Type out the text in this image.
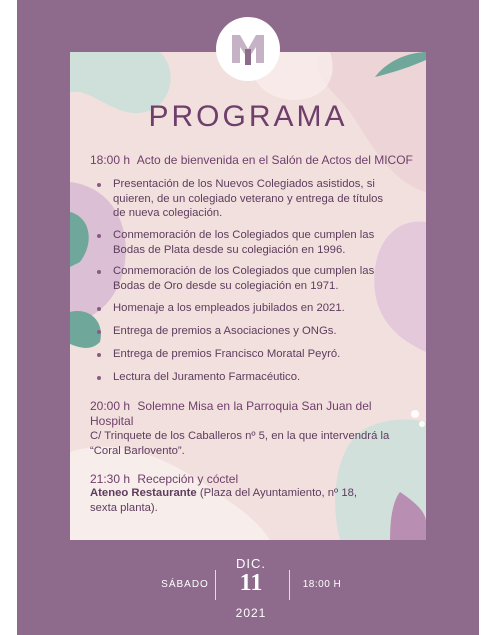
PROGRAMA
18:00 h Acto de bienvenida en el Salón de Actos del MICOF
Presentación de los Nuevos Colegiados asistidos, si quieren, de un colegiado veterano y entrega de títulos de nueva colegiación.
Conmemoración de los Colegiados que cumplen las Bodas de Plata desde su colegiación en 1996.
Conmemoración de los Colegiados que cumplen las Bodas de Oro desde su colegiación en 1971.
Homenaje a los empleados jubilados en 2021.
Entrega de premios a Asociaciones y ONGs.
Entrega de premios Francisco Moratal Peyró.
Lectura del Juramento Farmacéutico.
20:00 h Solemne Misa en la Parroquia San Juan del
Hospital
C/ Trinquete de los Caballeros nº 5, en la que intervendrá la “Coral Barlovento”.
21:30 h Recepción y cóctel
Ateneo Restaurante (Plaza del Ayuntamiento, nº 18, sexta planta).
DIC.
SÁBADO	11	18:00 H
2021
